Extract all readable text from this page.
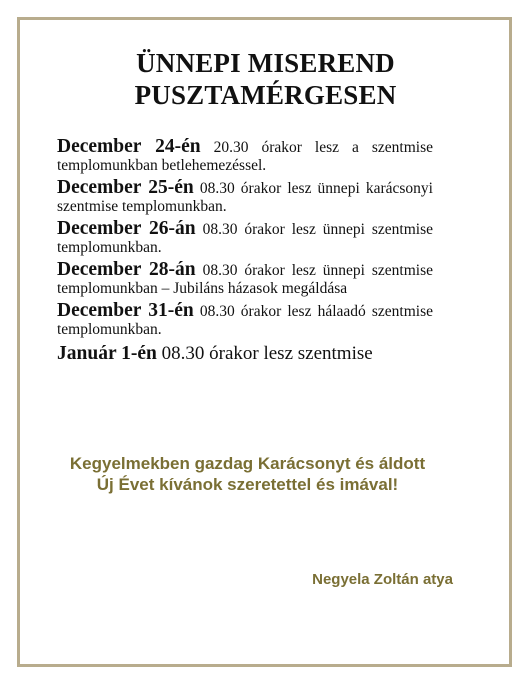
ÜNNEPI MISEREND
PUSZTAMÉRGESEN
December 24-én 20.30 órakor lesz a szentmise templomunkban betlehemezéssel.
December 25-én 08.30 órakor lesz ünnepi karácsonyi szentmise templomunkban.
December 26-án 08.30 órakor lesz ünnepi szentmise templomunkban.
December 28-án 08.30 órakor lesz ünnepi szentmise templomunkban – Jubiláns házasok megáldása
December 31-én 08.30 órakor lesz hálaadó szentmise templomunkban.
Január 1-én 08.30 órakor lesz szentmise
Kegyelmekben gazdag Karácsonyt és áldott Új Évet kívánok szeretettel és imával!
Negyela Zoltán atya
